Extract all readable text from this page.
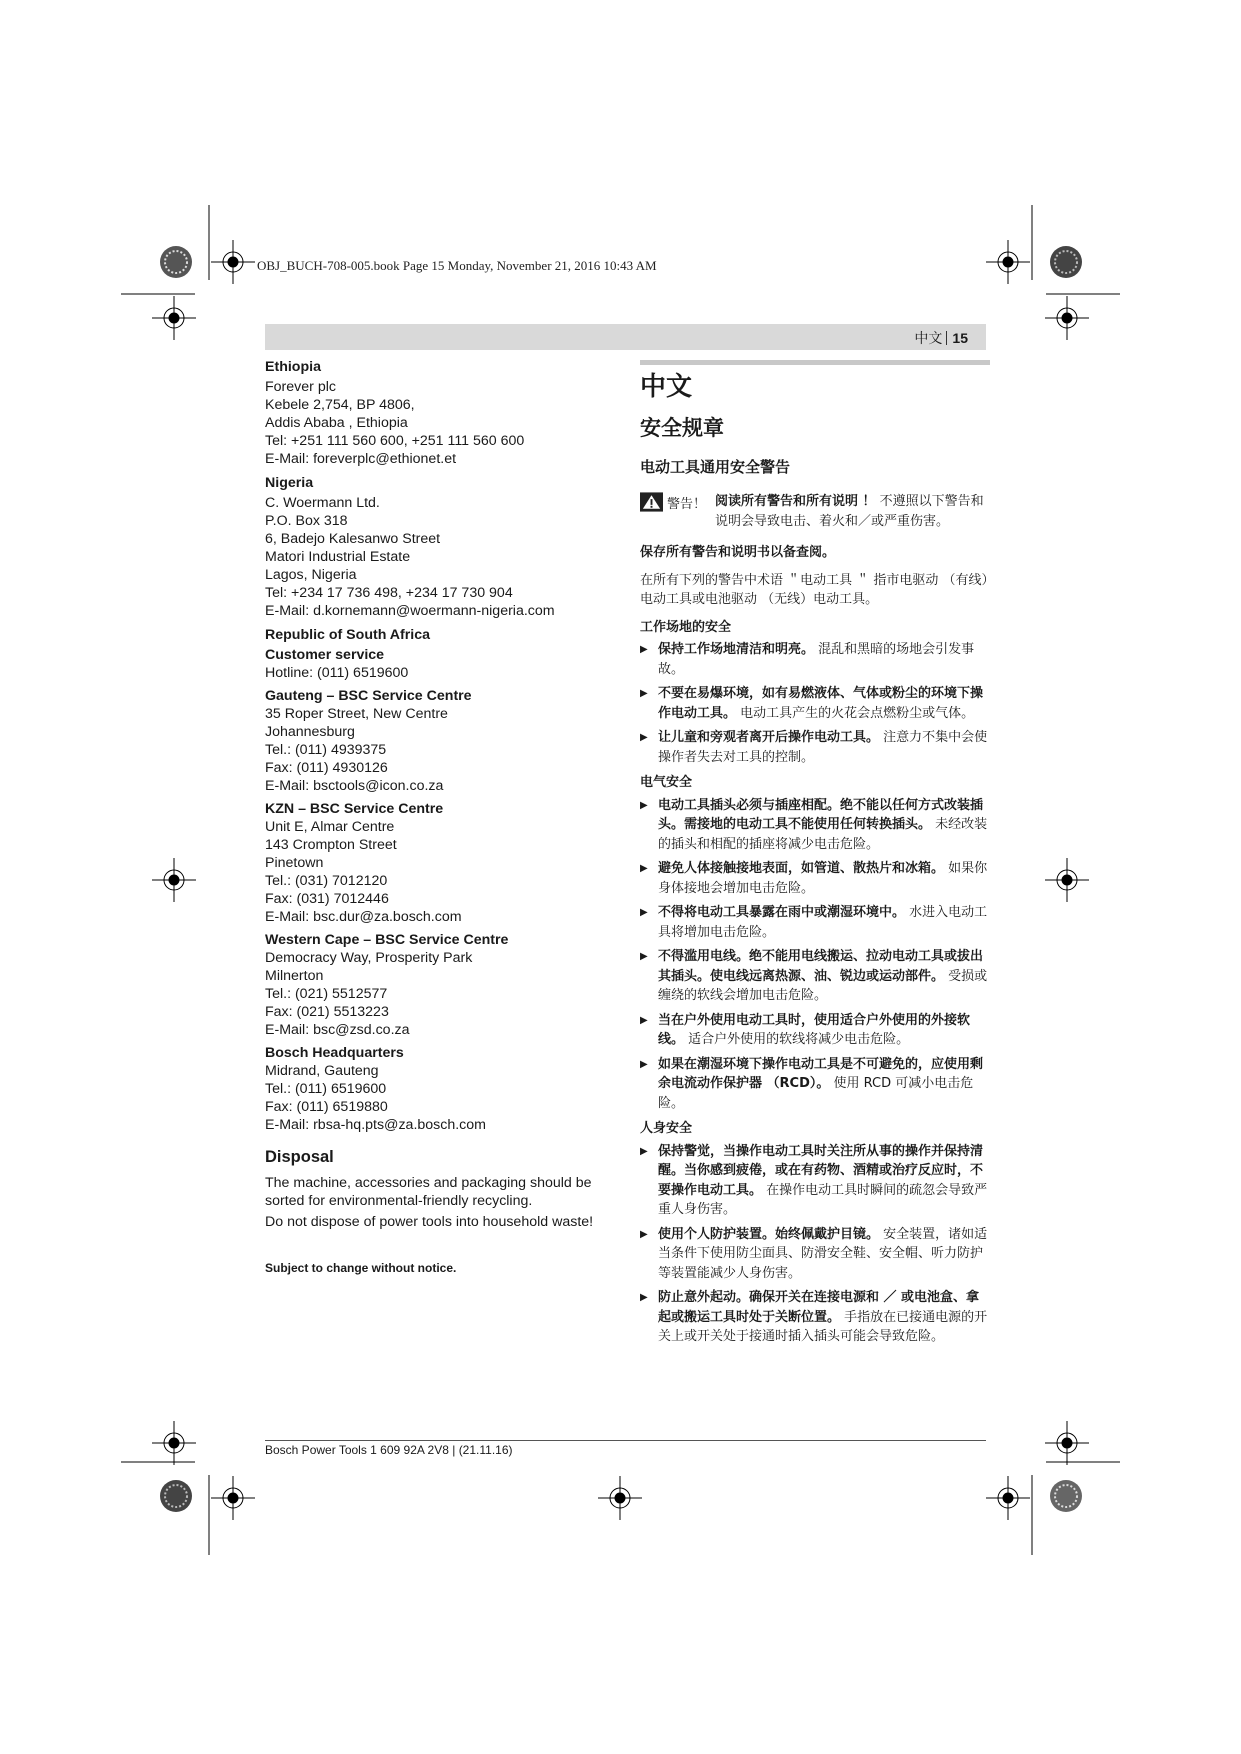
OBJ_BUCH-708-005.book Page 15 Monday, November 21, 2016 10:43 AM
中文 15

Ethiopia

Forever plc

Kebele 2,754, BP 4806,

Addis Ababa , Ethiopia

Tel: +251 111 560 600, +251 111 560 600

E-Mail: foreverplc@ethionet.et

Nigeria

C. Woermann Ltd.

P.O. Box 318

6, Badejo Kalesanwo Street

Matori Industrial Estate

Lagos, Nigeria

Tel: +234 17 736 498, +234 17 730 904

E-Mail: d.kornemann@woermann-nigeria.com

Republic of South Africa

Customer service

Hotline: (011) 6519600

Gauteng – BSC Service Centre

35 Roper Street, New Centre

Johannesburg

Tel.: (011) 4939375

Fax: (011) 4930126

E-Mail: bsctools@icon.co.za

KZN – BSC Service Centre

Unit E, Almar Centre

143 Crompton Street

Pinetown

Tel.: (031) 7012120

Fax: (031) 7012446

E-Mail: bsc.dur@za.bosch.com

Western Cape – BSC Service Centre

Democracy Way, Prosperity Park

Milnerton

Tel.: (021) 5512577

Fax: (021) 5513223

E-Mail: bsc@zsd.co.za

Bosch Headquarters

Midrand, Gauteng

Tel.: (011) 6519600

Fax: (011) 6519880

E-Mail: rbsa-hq.pts@za.bosch.com

Disposal

The machine, accessories and packaging should be sorted for environmental-friendly recycling.

Do not dispose of power tools into household waste!

Subject to change without notice.

中文
安全规章
电动工具通用安全警告
警告！ 阅读所有警告和所有说明 ！ 不遵照以下警告和说明会导致电击、着火和／或严重伤害。

保存所有警告和说明书以备查阅。

在所有下列的警告中术语 ＂电动工具 ＂ 指市电驱动 （有线）电动工具或电池驱动 （无线）电动工具。

工作场地的安全

▶ 保持工作场地清洁和明亮。 混乱和黑暗的场地会引发事故。
▶ 不要在易爆环境，如有易燃液体、气体或粉尘的环境下操作电动工具。 电动工具产生的火花会点燃粉尘或气体。
▶ 让儿童和旁观者离开后操作电动工具。 注意力不集中会使操作者失去对工具的控制。

电气安全

▶ 电动工具插头必须与插座相配。绝不能以任何方式改装插头。需接地的电动工具不能使用任何转换插头。 未经改装的插头和相配的插座将减少电击危险。
▶ 避免人体接触接地表面，如管道、散热片和冰箱。 如果你身体接地会增加电击危险。
▶ 不得将电动工具暴露在雨中或潮湿环境中。 水进入电动工具将增加电击危险。
▶ 不得滥用电线。绝不能用电线搬运、拉动电动工具或拔出其插头。使电线远离热源、油、锐边或运动部件。 受损或缠绕的软线会增加电击危险。
▶ 当在户外使用电动工具时，使用适合户外使用的外接软线。 适合户外使用的软线将减少电击危险。
▶ 如果在潮湿环境下操作电动工具是不可避免的，应使用剩余电流动作保护器 （RCD）。 使用 RCD 可减小电击危险。

人身安全

▶ 保持警觉，当操作电动工具时关注所从事的操作并保持清醒。当你感到疲倦，或在有药物、酒精或治疗反应时，不要操作电动工具。 在操作电动工具时瞬间的疏忽会导致严重人身伤害。
▶ 使用个人防护装置。始终佩戴护目镜。 安全装置，诸如适当条件下使用防尘面具、防滑安全鞋、安全帽、听力防护等装置能减少人身伤害。
▶ 防止意外起动。确保开关在连接电源和 ／ 或电池盒、拿起或搬运工具时处于关断位置。 手指放在已接通电源的开关上或开关处于接通时插入插头可能会导致危险。
Bosch Power Tools 1 609 92A 2V8 | (21.11.16)
